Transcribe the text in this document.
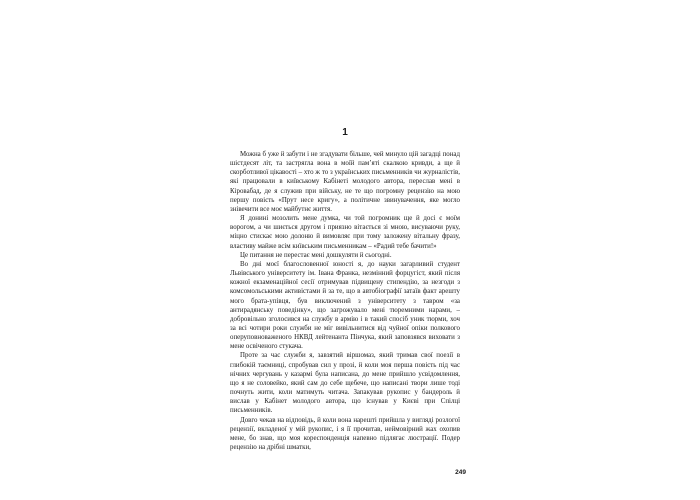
1

Можна б уже й забути і не згадувати більше, чей минуло цій загадці понад шістдесят літ, та застрягла вона в моїй пам’яті скалкою кривди, а ще й скорботливої цікавості – хто ж то з українських письменників чи журналістів, які працювали в київському Кабінеті молодого автора, переслав мені в Кіровабад, де я служив при війську, не те що погромну рецензію на мою першу повість «Прут несе кригу», а політичне звинувачення, яке могло знівечити все моє майбутнє життя.

Я донині мозолить мене думка, чи той погромник ще й досі є моїм ворогом, а чи шиється другом і приязно вітається зі мною, висуваючи руку, міцно стискає мою долоню й вимовляє при тому заложену вітальну фразу, властиву майже всім київським письменникам – «Радий тебе бачити!»

Це питання не перестає мені дошкуляти й сьогодні.

Во дні моєї благословенної юності я, до науки загарливий студент Львівського університету ім. Івана Франка, незмінний форцугіст, який після кожної екзаменаційної сесії отримував підвищену стипендію, за незгоди з комсомольськими активістами й за те, що в автобіографії затаїв факт арешту мого брата-упівця, був виключений з університету з тавром «за антирадянську поведінку», що загрожувало мені тюремними нарами, – добровільно зголосився на службу в армію і в такий спосіб уник тюрми, хоч за всі чотири роки служби не міг вивільнитися від чуйної опіки полкового оперуповноваженого НКВД лейтенанта Пінчука, який заповзявся виховати з мене освіченого стукача.

Проте за час служби я, завзятий віршомаз, який тримав свої поезії в глибокій таємниці, спробував сил у прозі, й коли моя перша повість під час нічних чергувань у казармі була написана, до мене прийшло усвідомлення, що я не соловейко, який сам до себе щебече, що написані твори лише тоді почнуть жити, коли матимуть читача. Запакував рукопис у бандероль й вислав у Кабінет молодого автора, що існував у Києві при Спілці письменників.

Довго чекав на відповідь, й коли вона нарешті прийшла у вигляді розлогої рецензії, вкладеної у мій рукопис, і я її прочитав, неймовірний жах охопив мене, бо знав, що моя кореспонденція напевно підлягає люстрації. Подер рецензію на дрібні шматки,

249
